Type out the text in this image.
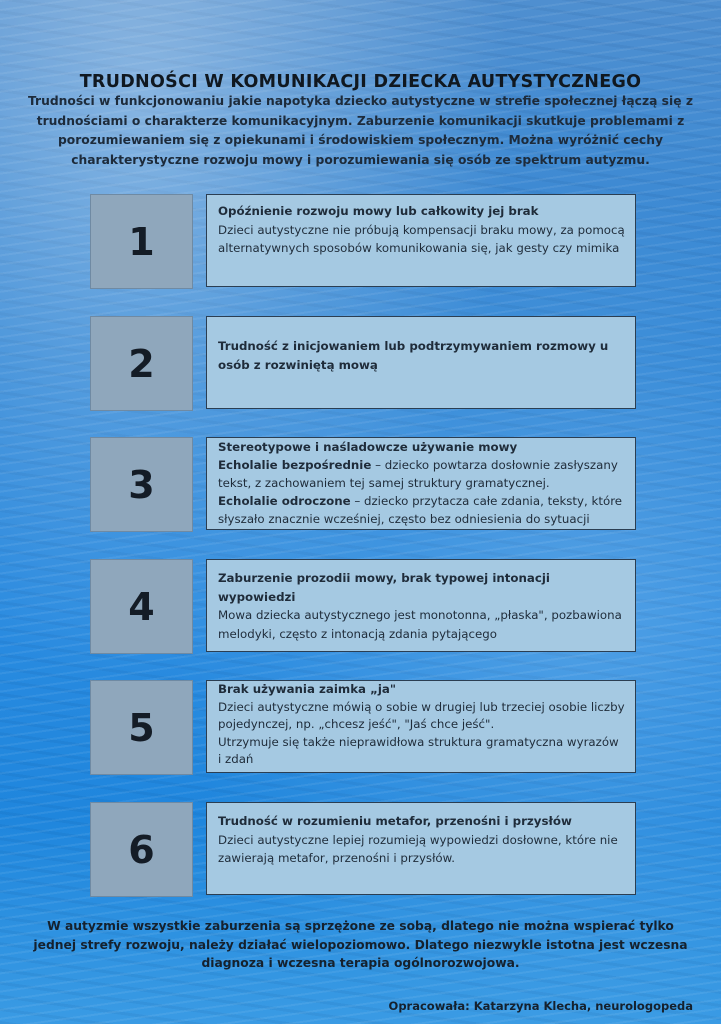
TRUDNOŚCI W KOMUNIKACJI DZIECKA AUTYSTYCZNEGO

Trudności w funkcjonowaniu jakie napotyka dziecko autystyczne w strefie społecznej łączą się z trudnościami o charakterze komunikacyjnym. Zaburzenie komunikacji skutkuje problemami z porozumiewaniem się z opiekunami i środowiskiem społecznym. Można wyróżnić cechy charakterystyczne rozwoju mowy i porozumiewania się osób ze spektrum autyzmu.

1

Opóźnienie rozwoju mowy lub całkowity jej brak

Dzieci autystyczne nie próbują kompensacji braku mowy, za pomocą alternatywnych sposobów komunikowania się, jak gesty czy mimika

2	Trudność z inicjowaniem lub podtrzymywaniem rozmowy u osób z rozwiniętą mową

3

Stereotypowe i naśladowcze używanie mowy

Echolalie bezpośrednie – dziecko powtarza dosłownie zasłyszany tekst, z zachowaniem tej samej struktury gramatycznej.

Echolalie odroczone – dziecko przytacza całe zdania, teksty, które słyszało znacznie wcześniej, często bez odniesienia do sytuacji

4

Zaburzenie prozodii mowy, brak typowej intonacji wypowiedzi

Mowa dziecka autystycznego jest monotonna, „płaska", pozbawiona melodyki, często z intonacją zdania pytającego

5

Brak używania zaimka „ja"

Dzieci autystyczne mówią o sobie w drugiej lub trzeciej osobie liczby pojedynczej, np. „chcesz jeść", "Jaś chce jeść".

Utrzymuje się także nieprawidłowa struktura gramatyczna wyrazów i zdań

6

Trudność w rozumieniu metafor, przenośni i przysłów

Dzieci autystyczne lepiej rozumieją wypowiedzi dosłowne, które nie zawierają metafor, przenośni i przysłów.

W autyzmie wszystkie zaburzenia są sprzężone ze sobą, dlatego nie można wspierać tylko jednej strefy rozwoju, należy działać wielopoziomowo. Dlatego niezwykle istotna jest wczesna diagnoza i wczesna terapia ogólnorozwojowa.

Opracowała: Katarzyna Klecha, neurologopeda
